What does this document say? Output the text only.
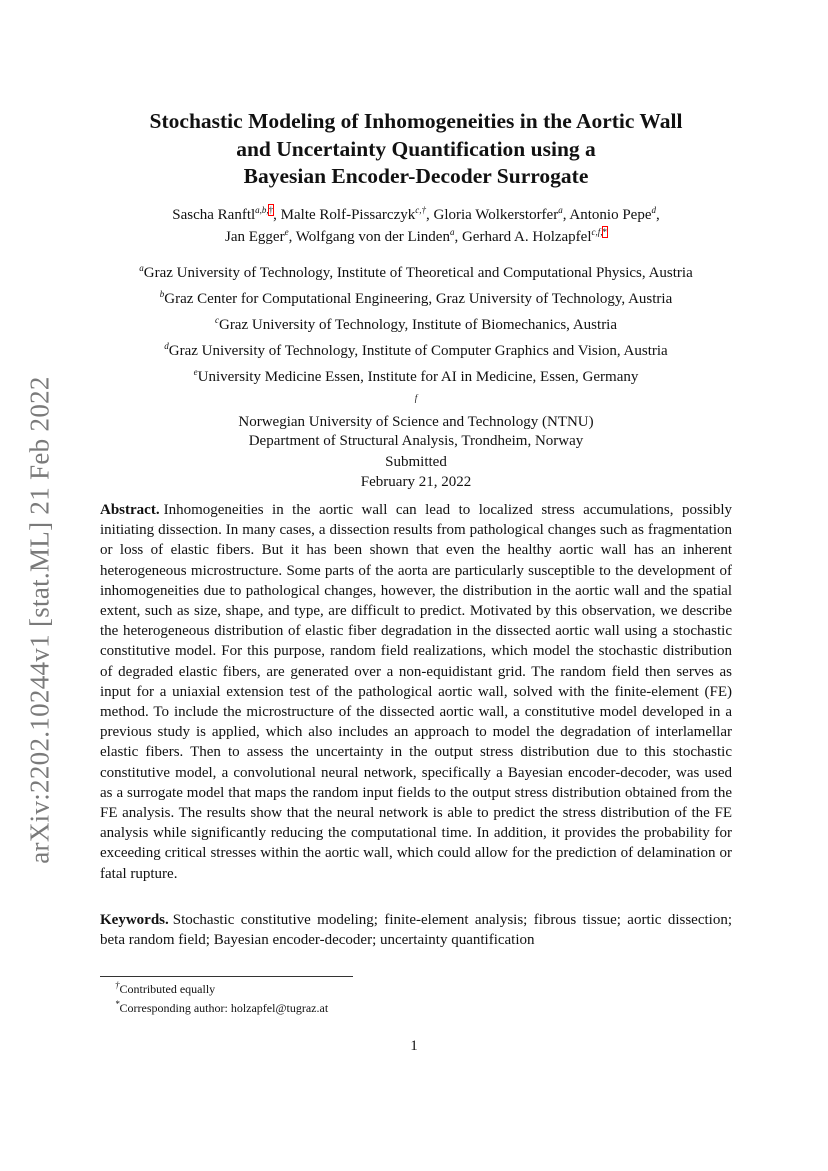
arXiv:2202.10244v1 [stat.ML] 21 Feb 2022
Stochastic Modeling of Inhomogeneities in the Aortic Wall
and Uncertainty Quantification using a
Bayesian Encoder-Decoder Surrogate
Sascha Ranftl$^{a,b,\dagger}$, Malte Rolf-Pissarczyk$^{c,\dagger}$, Gloria Wolkerstorfer$^a$, Antonio Pepe$^d$,
Jan Egger$^e$, Wolfgang von der Linden$^a$, Gerhard A. Holzapfel$^{c,f,*}$
$^a$Graz University of Technology, Institute of Theoretical and Computational Physics, Austria
$^b$Graz Center for Computational Engineering, Graz University of Technology, Austria
$^c$Graz University of Technology, Institute of Biomechanics, Austria
$^d$Graz University of Technology, Institute of Computer Graphics and Vision, Austria
$^e$University Medicine Essen, Institute for AI in Medicine, Essen, Germany
$^f$
Norwegian University of Science and Technology (NTNU)
Department of Structural Analysis, Trondheim, Norway
Submitted
February 21, 2022

Abstract. Inhomogeneities in the aortic wall can lead to localized stress accumulations, possibly initiating dissection. In many cases, a dissection results from pathological changes such as fragmentation or loss of elastic fibers. But it has been shown that even the healthy aortic wall has an inherent heterogeneous microstructure. Some parts of the aorta are particularly susceptible to the development of inhomogeneities due to pathological changes, however, the distribution in the aortic wall and the spatial extent, such as size, shape, and type, are difficult to predict. Motivated by this observation, we describe the heterogeneous distribution of elastic fiber degradation in the dissected aortic wall using a stochastic constitutive model. For this purpose, random field realizations, which model the stochastic distribution of degraded elastic fibers, are generated over a non-equidistant grid. The random field then serves as input for a uniaxial extension test of the pathological aortic wall, solved with the finite-element (FE) method. To include the microstructure of the dissected aortic wall, a constitutive model developed in a previous study is applied, which also includes an approach to model the degradation of interlamellar elastic fibers. Then to assess the uncertainty in the output stress distribution due to this stochastic constitutive model, a convolutional neural network, specifically a Bayesian encoder-decoder, was used as a surrogate model that maps the random input fields to the output stress distribution obtained from the FE analysis. The results show that the neural network is able to predict the stress distribution of the FE analysis while significantly reducing the computational time. In addition, it provides the probability for exceeding critical stresses within the aortic wall, which could allow for the prediction of delamination or fatal rupture.

Keywords. Stochastic constitutive modeling; finite-element analysis; fibrous tissue; aortic dissection; beta random field; Bayesian encoder-decoder; uncertainty quantification

†Contributed equally
*Corresponding author: holzapfel@tugraz.at
1
